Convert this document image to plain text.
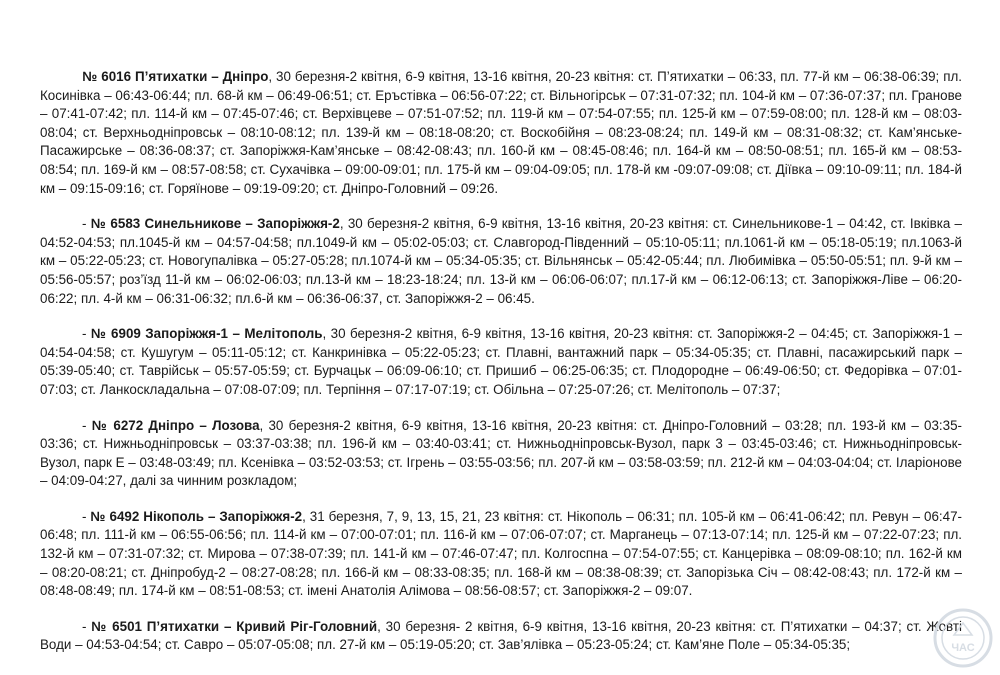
№ 6016 П’ятихатки – Дніпро, 30 березня-2 квітня, 6-9 квітня, 13-16 квітня, 20-23 квітня: ст. П’ятихатки – 06:33, пл. 77-й км – 06:38-06:39; пл. Косинівка – 06:43-06:44; пл. 68-й км – 06:49-06:51; ст. Еръстівка – 06:56-07:22; ст. Вільногірськ – 07:31-07:32; пл. 104-й км – 07:36-07:37; пл. Гранове – 07:41-07:42; пл. 114-й км – 07:45-07:46; ст. Верхівцеве – 07:51-07:52; пл. 119-й км – 07:54-07:55; пл. 125-й км – 07:59-08:00; пл. 128-й км – 08:03-08:04; ст. Верхньодніпровськ – 08:10-08:12; пл. 139-й км – 08:18-08:20; ст. Воскобійня – 08:23-08:24; пл. 149-й км – 08:31-08:32; ст. Кам’янське-Пасажирське – 08:36-08:37; ст. Запоріжжя-Кам’янське – 08:42-08:43; пл. 160-й км – 08:45-08:46; пл. 164-й км – 08:50-08:51; пл. 165-й км – 08:53-08:54; пл. 169-й км – 08:57-08:58; ст. Сухачівка – 09:00-09:01; пл. 175-й км – 09:04-09:05; пл. 178-й км -09:07-09:08; ст. Діївка – 09:10-09:11; пл. 184-й км – 09:15-09:16; ст. Горяїнове – 09:19-09:20; ст. Дніпро-Головний – 09:26.

- № 6583 Синельникове – Запоріжжя-2, 30 березня-2 квітня, 6-9 квітня, 13-16 квітня, 20-23 квітня: ст. Синельникове-1 – 04:42, ст. Івківка – 04:52-04:53; пл.1045-й км – 04:57-04:58; пл.1049-й км – 05:02-05:03; ст. Славгород-Південний – 05:10-05:11; пл.1061-й км – 05:18-05:19; пл.1063-й км – 05:22-05:23; ст. Новогупалівка – 05:27-05:28; пл.1074-й км – 05:34-05:35; ст. Вільнянськ – 05:42-05:44; пл. Любимівка – 05:50-05:51; пл. 9-й км – 05:56-05:57; роз’їзд 11-й км – 06:02-06:03; пл.13-й км – 18:23-18:24; пл. 13-й км – 06:06-06:07; пл.17-й км – 06:12-06:13; ст. Запоріжжя-Ліве – 06:20-06:22; пл. 4-й км – 06:31-06:32; пл.6-й км – 06:36-06:37, ст. Запоріжжя-2 – 06:45.

- № 6909 Запоріжжя-1 – Мелітополь, 30 березня-2 квітня, 6-9 квітня, 13-16 квітня, 20-23 квітня: ст. Запоріжжя-2 – 04:45; ст. Запоріжжя-1 – 04:54-04:58; ст. Кушугум – 05:11-05:12; ст. Канкринівка – 05:22-05:23; ст. Плавні, вантажний парк – 05:34-05:35; ст. Плавні, пасажирський парк – 05:39-05:40; ст. Таврійськ – 05:57-05:59; ст. Бурчацьк – 06:09-06:10; ст. Пришиб – 06:25-06:35; ст. Плодородне – 06:49-06:50; ст. Федорівка – 07:01-07:03; ст. Ланкоскладальна – 07:08-07:09; пл. Терпіння – 07:17-07:19; ст. Обільна – 07:25-07:26; ст. Мелітополь – 07:37;

- № 6272 Дніпро – Лозова, 30 березня-2 квітня, 6-9 квітня, 13-16 квітня, 20-23 квітня: ст. Дніпро-Головний – 03:28; пл. 193-й км – 03:35-03:36; ст. Нижньодніпровськ – 03:37-03:38; пл. 196-й км – 03:40-03:41; ст. Нижньодніпровськ-Вузол, парк 3 – 03:45-03:46; ст. Нижньодніпровськ-Вузол, парк Е – 03:48-03:49; пл. Ксенівка – 03:52-03:53; ст. Ігрень – 03:55-03:56; пл. 207-й км – 03:58-03:59; пл. 212-й км – 04:03-04:04; ст. Іларіонове – 04:09-04:27, далі за чинним розкладом;

- № 6492 Нікополь – Запоріжжя-2, 31 березня, 7, 9, 13, 15, 21, 23 квітня: ст. Нікополь – 06:31; пл. 105-й км – 06:41-06:42; пл. Ревун – 06:47-06:48; пл. 111-й км – 06:55-06:56; пл. 114-й км – 07:00-07:01; пл. 116-й км – 07:06-07:07; ст. Марганець – 07:13-07:14; пл. 125-й км – 07:22-07:23; пл. 132-й км – 07:31-07:32; ст. Мирова – 07:38-07:39; пл. 141-й км – 07:46-07:47; пл. Колгоспна – 07:54-07:55; ст. Канцерівка – 08:09-08:10; пл. 162-й км – 08:20-08:21; ст. Дніпробуд-2 – 08:27-08:28; пл. 166-й км – 08:33-08:35; пл. 168-й км – 08:38-08:39; ст. Запорізька Січ – 08:42-08:43; пл. 172-й км – 08:48-08:49; пл. 174-й км – 08:51-08:53; ст. імені Анатолія Алімова – 08:56-08:57; ст. Запоріжжя-2 – 09:07.

- № 6501 П’ятихатки – Кривий Ріг-Головний, 30 березня- 2 квітня, 6-9 квітня, 13-16 квітня, 20-23 квітня: ст. П’ятихатки – 04:37; ст. Жовті Води – 04:53-04:54; ст. Савро – 05:07-05:08; пл. 27-й км – 05:19-05:20; ст. Зав’ялівка – 05:23-05:24; ст. Кам’яне Поле – 05:34-05:35;	ЧАС
